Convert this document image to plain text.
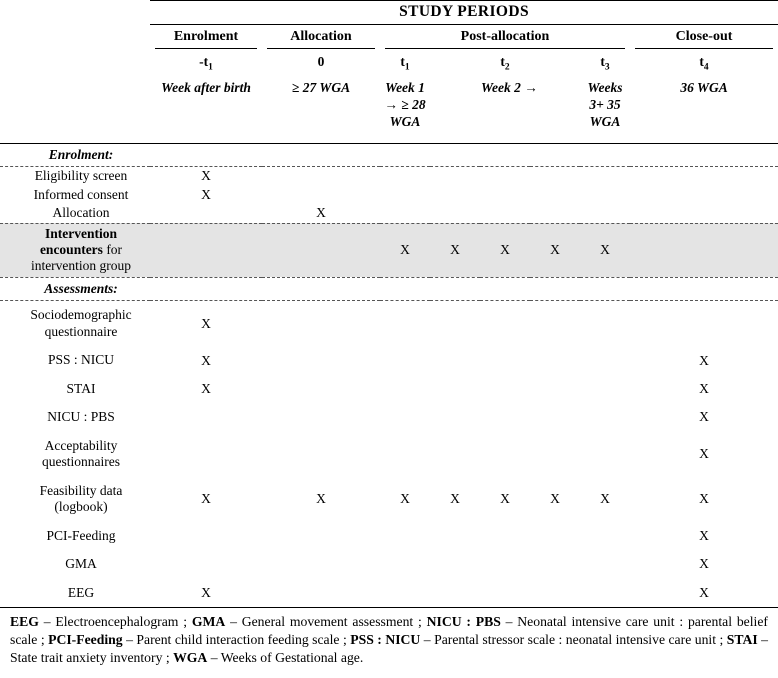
	STUDY PERIODS							

	Enrolment	Allocation	Post-allocation					Close-out

	$-t_1$	0	$t_1$		$t_2$		$t_3$	$t_4$
	Week after birth	≥ 27 WGA	Week 1 → ≥ 28 WGA		Week 2 →		Weeks 3+ 35 WGA	36 WGA
Enrolment:								
Eligibility screen	X							
Informed consent	X							
Allocation		X						
Intervention encounters for intervention group			X	X	X	X	X	
Assessments:								
Sociodemographic questionnaire	X							
PSS : NICU	X							X
STAI	X							X
NICU : PBS								X
Acceptability questionnaires								X
Feasibility data (logbook)	X	X	X	X	X	X	X	X
PCI-Feeding								X
GMA								X
EEG	X							X
EEG – Electroencephalogram ; GMA – General movement assessment ; NICU : PBS – Neonatal intensive care unit : parental belief scale ; PCI-Feeding – Parent child interaction feeding scale ; PSS : NICU – Parental stressor scale : neonatal intensive care unit ; STAI – State trait anxiety inventory ; WGA – Weeks of Gestational age.
